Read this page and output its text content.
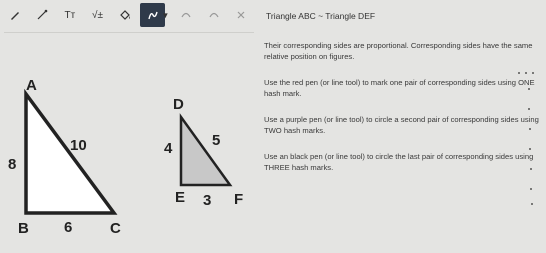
Tт √±	▼	Triangle ABC ~ Triangle DEF

Their corresponding sides are proportional. Corresponding sides have the same relative position on figures.

Use the red pen (or line tool) to mark one pair of corresponding sides using ONE hash mark.

Use a purple pen (or line tool) to circle a second pair of corresponding sides using TWO hash marks.

Use an black pen (or line tool) to circle the last pair of corresponding sides using THREE hash marks.

A
B	C
8
10
6
D
E	F
4	5
3
